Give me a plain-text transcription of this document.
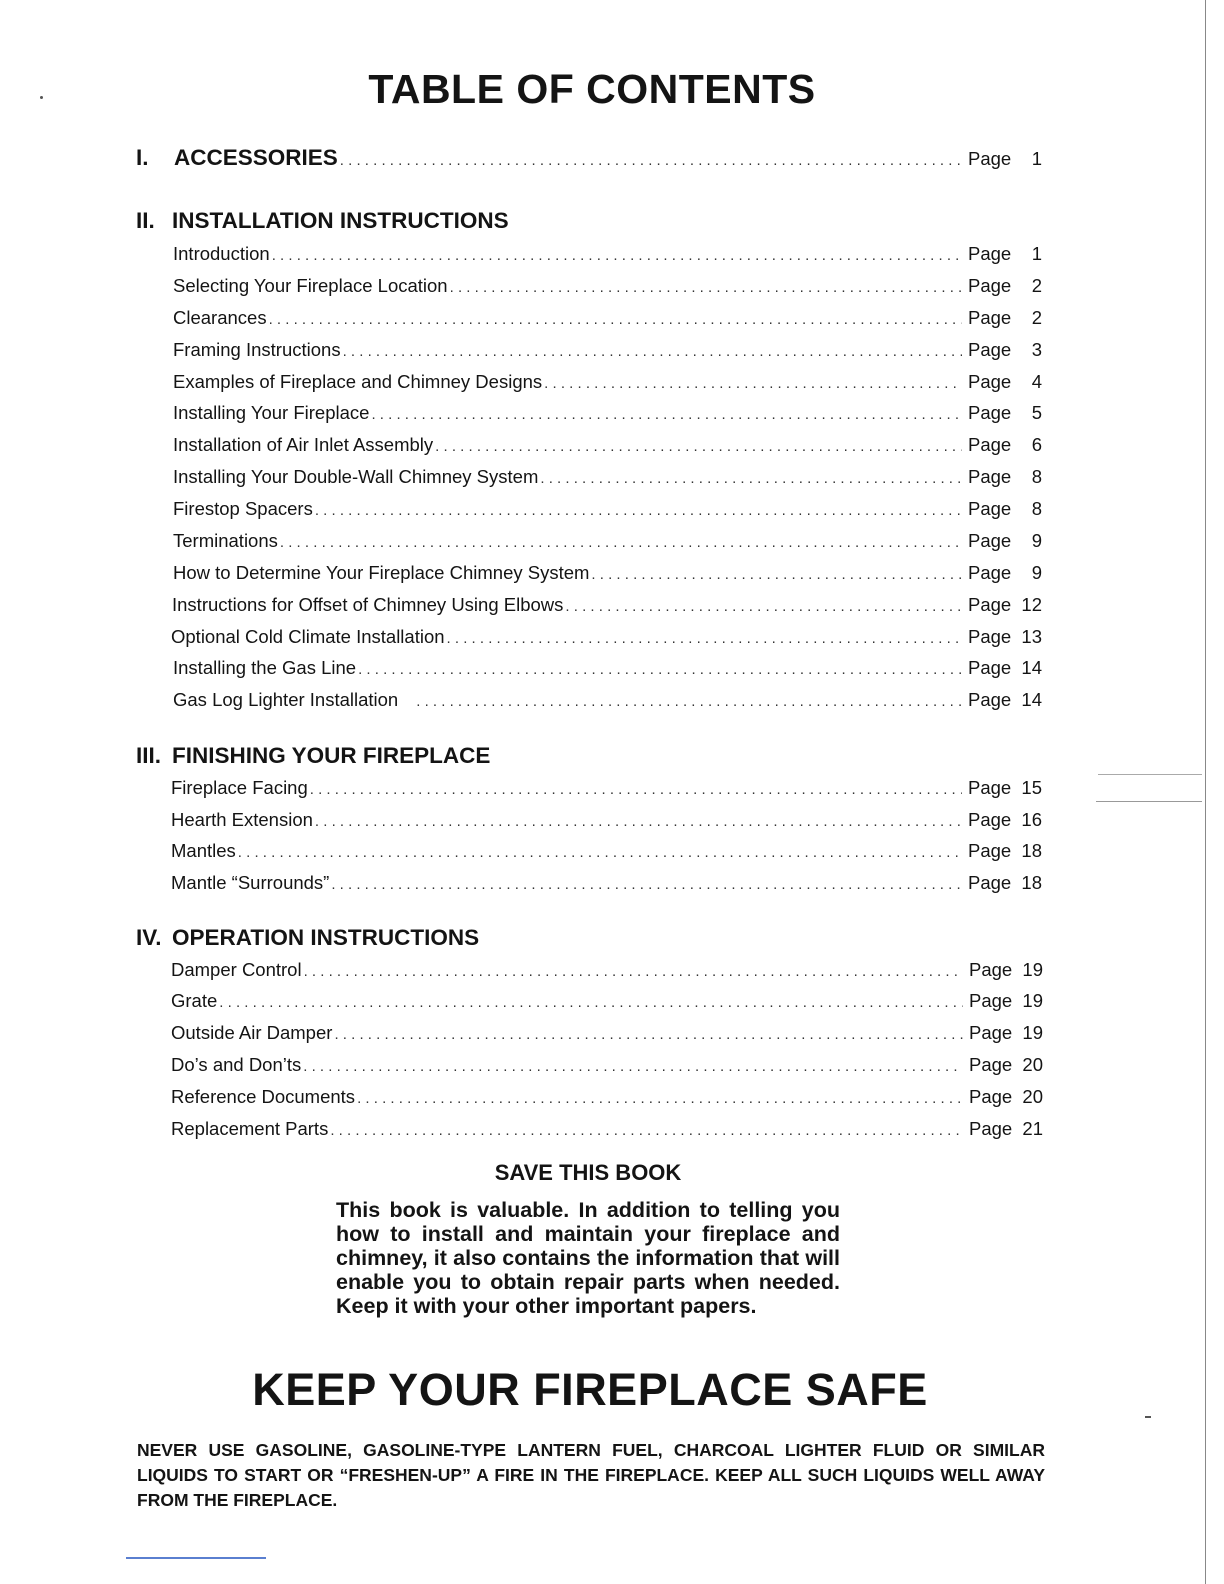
TABLE OF CONTENTS
I.	ACCESSORIES . . .	Page	1
II. INSTALLATION INSTRUCTIONS
Introduction . . .	Page	1
Selecting Your Fireplace Location . . .	Page	2
Clearances . . .	Page	2
Framing Instructions . . .	Page	3
Examples of Fireplace and Chimney Designs . . .	Page	4
Installing Your Fireplace . . .	Page	5
Installation of Air Inlet Assembly . . .	Page	6
Installing Your Double-Wall Chimney System . . .	Page	8
Firestop Spacers . . .	Page	8
Terminations . . .	Page	9
How to Determine Your Fireplace Chimney System . . .	Page	9
Instructions for Offset of Chimney Using Elbows . . .	Page 12
Optional Cold Climate Installation . . .	Page 13
Installing the Gas Line . . .	Page 14
Gas Log Lighter Installation . . .	Page 14
III. FINISHING YOUR FIREPLACE
Fireplace Facing . . .	Page 15
Hearth Extension . . .	Page 16
Mantles . . .	Page 18
Mantle “Surrounds” . . .	Page 18
IV. OPERATION INSTRUCTIONS
Damper Control . . .	Page 19
Grate . . .	Page 19
Outside Air Damper . . .	Page 19
Do’s and Don’ts . . .	Page 20
Reference Documents . . .	Page 20
Replacement Parts . . .	Page 21
SAVE THIS BOOK
This book is valuable. In addition to telling you how to install and maintain your fireplace and chimney, it also contains the information that will enable you to obtain repair parts when needed. Keep it with your other important papers.
KEEP YOUR FIREPLACE SAFE
NEVER USE GASOLINE, GASOLINE-TYPE LANTERN FUEL, CHARCOAL LIGHTER FLUID OR SIMILAR LIQUIDS TO START OR “FRESHEN-UP” A FIRE IN THE FIREPLACE. KEEP ALL SUCH LIQUIDS WELL AWAY FROM THE FIREPLACE.
